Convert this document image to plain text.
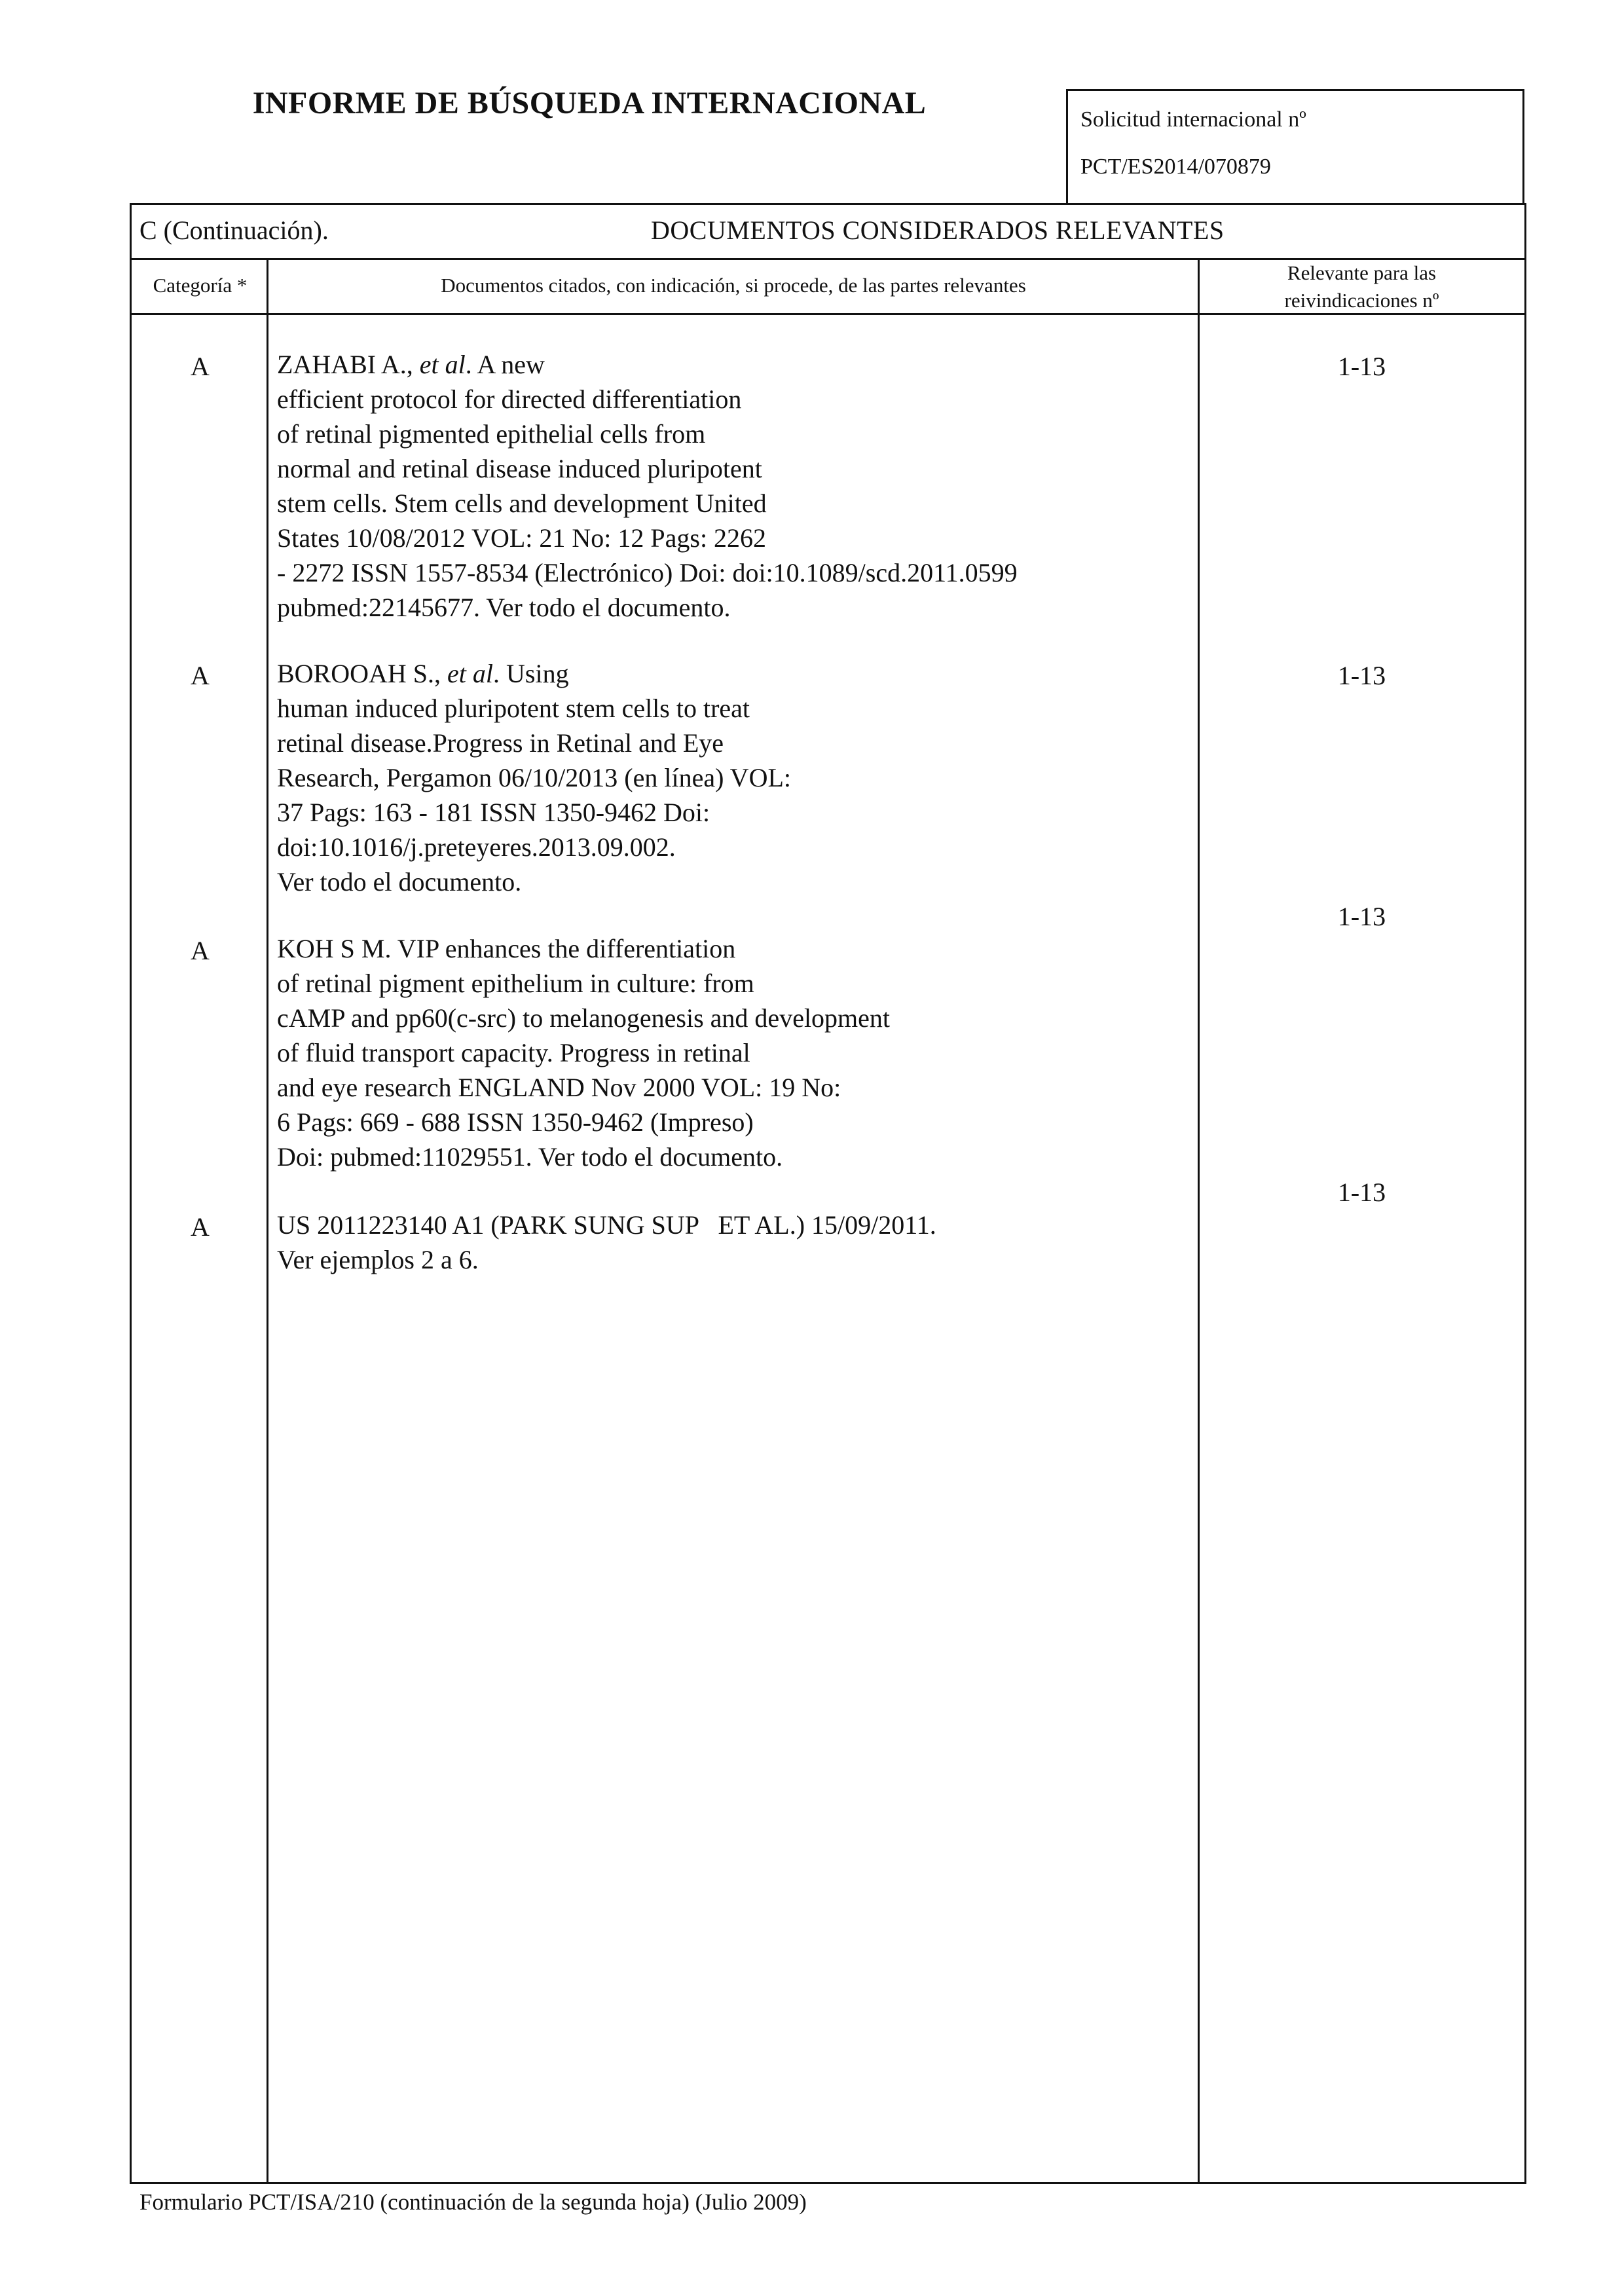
INFORME DE BÚSQUEDA INTERNACIONAL	Solicitud internacional nº
PCT/ES2014/070879
C (Continuación).	DOCUMENTOS CONSIDERADOS RELEVANTES
Categoría *	Documentos citados, con indicación, si procede, de las partes relevantes
Relevante para las
reivindicaciones nº
A	ZAHABI A., et al. A new
efficient protocol for directed differentiation
of retinal pigmented epithelial cells from
normal and retinal disease induced pluripotent
stem cells. Stem cells and development United
States 10/08/2012 VOL: 21 No: 12 Pags: 2262
- 2272 ISSN 1557-8534 (Electrónico) Doi: doi:10.1089/scd.2011.0599
pubmed:22145677. Ver todo el documento.
1-13
A	BOROOAH S., et al. Using
human induced pluripotent stem cells to treat
retinal disease.Progress in Retinal and Eye
Research, Pergamon 06/10/2013 (en línea) VOL:
37 Pags: 163 - 181 ISSN 1350-9462 Doi:
doi:10.1016/j.preteyeres.2013.09.002.
Ver todo el documento.
1-13
A	KOH S M. VIP enhances the differentiation
of retinal pigment epithelium in culture: from
cAMP and pp60(c-src) to melanogenesis and development
of fluid transport capacity. Progress in retinal
and eye research ENGLAND Nov 2000 VOL: 19 No:
6 Pags: 669 - 688 ISSN 1350-9462 (Impreso)
Doi: pubmed:11029551. Ver todo el documento.
1-13
A	US 2011223140 A1 (PARK SUNG SUP   ET AL.) 15/09/2011.
Ver ejemplos 2 a 6.
1-13
Formulario PCT/ISA/210 (continuación de la segunda hoja) (Julio 2009)
